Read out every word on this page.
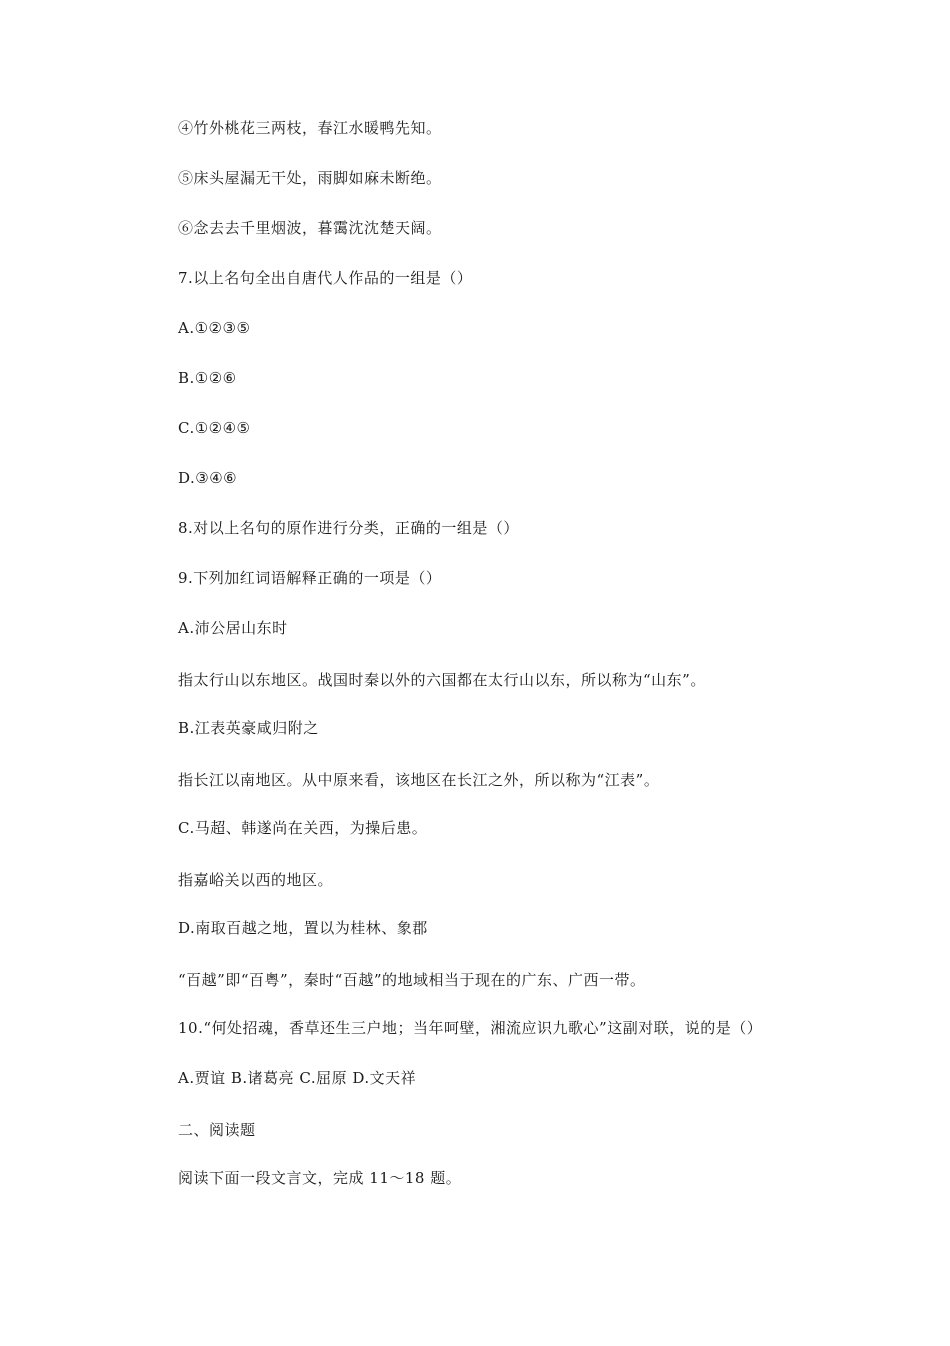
④竹外桃花三两枝，春江水暖鸭先知。
⑤床头屋漏无干处，雨脚如麻未断绝。
⑥念去去千里烟波，暮霭沈沈楚天阔。
7.以上名句全出自唐代人作品的一组是（）
A.①②③⑤
B.①②⑥
C.①②④⑤
D.③④⑥
8.对以上名句的原作进行分类，正确的一组是（）
9.下列加红词语解释正确的一项是（）
A.沛公居山东时
指太行山以东地区。战国时秦以外的六国都在太行山以东，所以称为“山东”。
B.江表英豪咸归附之
指长江以南地区。从中原来看，该地区在长江之外，所以称为“江表”。
C.马超、韩遂尚在关西，为操后患。
指嘉峪关以西的地区。
D.南取百越之地，置以为桂林、象郡
“百越”即“百粤”，秦时“百越”的地域相当于现在的广东、广西一带。
10.“何处招魂，香草还生三户地；当年呵壁，湘流应识九歌心”这副对联，说的是（）
A.贾谊 B.诸葛亮 C.屈原 D.文天祥
二、阅读题
阅读下面一段文言文，完成 11～18 题。
